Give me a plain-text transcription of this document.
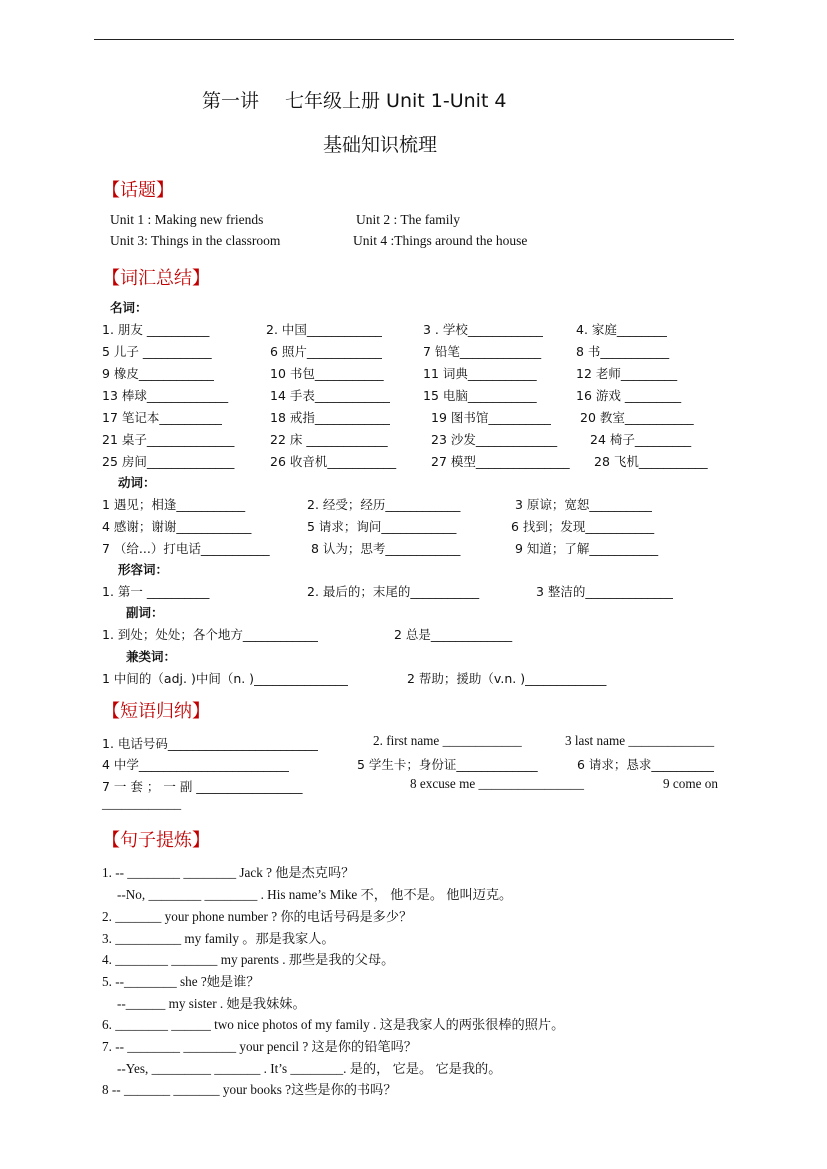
第一讲 七年级上册 Unit 1-Unit 4
基础知识梳理
【话题】
Unit 1 : Making new friends	Unit 2 : The family
Unit 3: Things in the classroom	Unit 4 :Things around the house
【词汇总结】
名词：
1. 朋友 __________	2. 中国____________	3 . 学校____________	4. 家庭________
5 儿子 ___________	6 照片____________	7 铅笔_____________	8 书___________
9 橡皮____________	10 书包___________	11 词典___________	12 老师_________
13 棒球_____________	14 手表____________	15 电脑___________	16 游戏 _________
17 笔记本__________	18 戒指____________	19 图书馆__________ 20 教室___________
21 桌子______________	22 床 _____________	23 沙发_____________	24 椅子_________
25 房间______________	26 收音机___________	27 模型_______________ 28 飞机___________
动词：
1 遇见；相逢___________	2. 经受；经历____________	3 原谅；宽恕__________
4 感谢；谢谢____________	5 请求；询问____________	6 找到；发现___________
7 （给...）打电话___________	8 认为；思考____________	9 知道；了解___________
形容词：
1. 第一 __________	2. 最后的；末尾的___________	3 整洁的______________
副词：
1. 到处；处处；各个地方____________	2 总是_____________
兼类词：
1 中间的（adj. )中间（n. )_______________	2 帮助；援助（v.n. )_____________
【短语归纳】
1. 电话号码________________________	2. first name ____________	3 last name _____________
4 中学________________________	5 学生卡；身份证_____________	6 请求；恳求__________
7 一 套 ； 一 副 _________________	8 excuse me ________________	9 come on
____________
【句子提炼】
1. -- ________ ________ Jack ? 他是杰克吗？
--No, ________ ________ . His name’s Mike 不， 他不是。 他叫迈克。
2. _______ your phone number ? 你的电话号码是多少？
3. __________ my family 。那是我家人。
4. ________ _______ my parents . 那些是我的父母。
5. --________ she ?她是谁？
--______ my sister . 她是我妹妹。
6. ________ ______ two nice photos of my family . 这是我家人的两张很棒的照片。
7. -- ________ ________ your pencil ? 这是你的铅笔吗？
--Yes, _________ _______ . It’s ________. 是的， 它是。 它是我的。
8 -- _______ _______ your books ?这些是你的书吗？
